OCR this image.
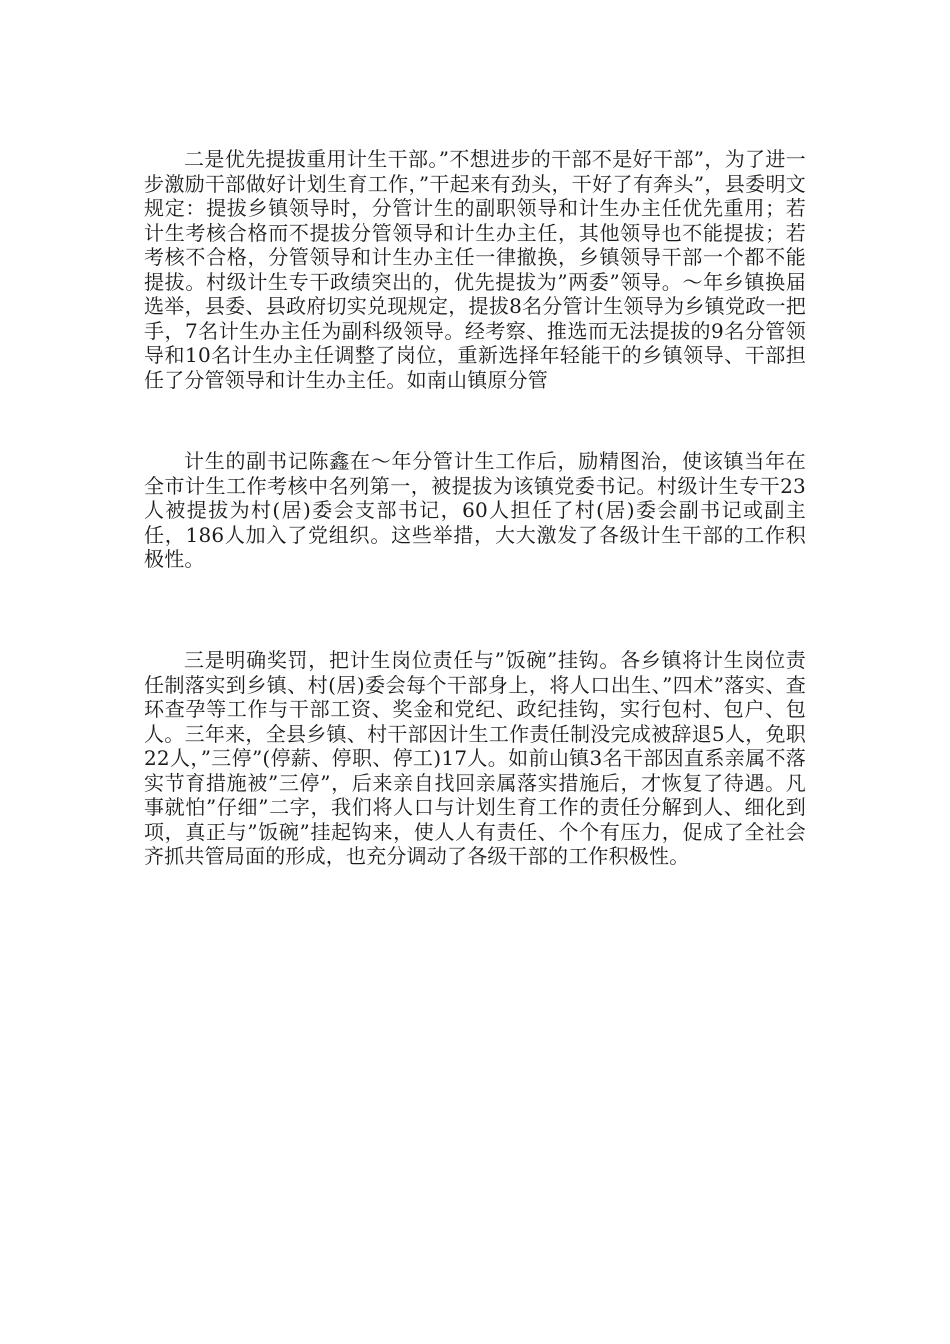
二是优先提拔重用计生干部。”不想进步的干部不是好干部”，为了进一步激励干部做好计划生育工作，”干起来有劲头，干好了有奔头”，县委明文规定：提拔乡镇领导时，分管计生的副职领导和计生办主任优先重用；若计生考核合格而不提拔分管领导和计生办主任，其他领导也不能提拔；若考核不合格，分管领导和计生办主任一律撤换，乡镇领导干部一个都不能提拔。村级计生专干政绩突出的，优先提拔为”两委”领导。～年乡镇换届选举，县委、县政府切实兑现规定，提拔8名分管计生领导为乡镇党政一把手，7名计生办主任为副科级领导。经考察、推选而无法提拔的9名分管领导和10名计生办主任调整了岗位，重新选择年轻能干的乡镇领导、干部担任了分管领导和计生办主任。如南山镇原分管

计生的副书记陈鑫在～年分管计生工作后，励精图治，使该镇当年在全市计生工作考核中名列第一，被提拔为该镇党委书记。村级计生专干23人被提拔为村(居)委会支部书记，60人担任了村(居)委会副书记或副主任，186人加入了党组织。这些举措，大大激发了各级计生干部的工作积极性。

三是明确奖罚，把计生岗位责任与”饭碗”挂钩。各乡镇将计生岗位责任制落实到乡镇、村(居)委会每个干部身上，将人口出生、”四术”落实、查环查孕等工作与干部工资、奖金和党纪、政纪挂钩，实行包村、包户、包人。三年来，全县乡镇、村干部因计生工作责任制没完成被辞退5人，免职22人，”三停”(停薪、停职、停工)17人。如前山镇3名干部因直系亲属不落实节育措施被”三停”，后来亲自找回亲属落实措施后，才恢复了待遇。凡事就怕”仔细”二字，我们将人口与计划生育工作的责任分解到人、细化到项，真正与”饭碗”挂起钩来，使人人有责任、个个有压力，促成了全社会齐抓共管局面的形成，也充分调动了各级干部的工作积极性。
